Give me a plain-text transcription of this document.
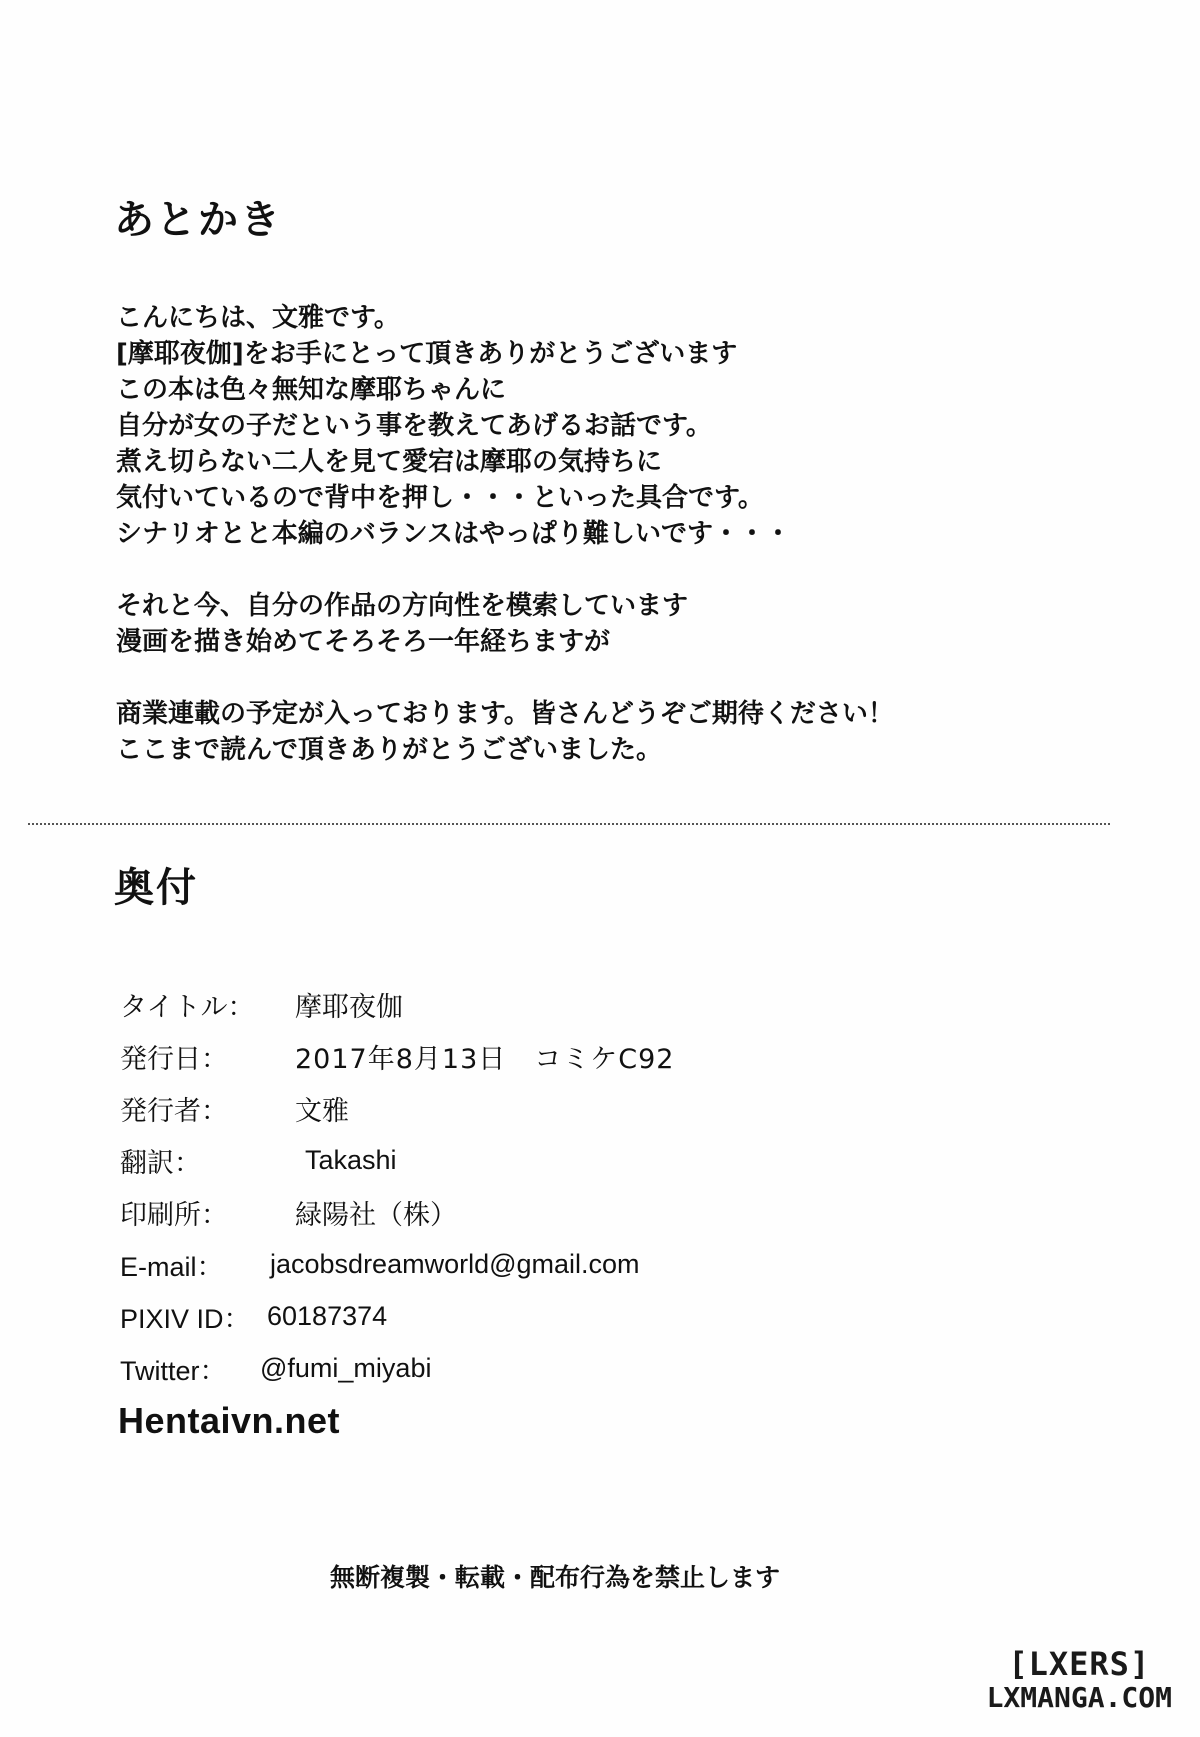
あとかき
こんにちは、文雅です。
[摩耶夜伽]をお手にとって頂きありがとうございます
この本は色々無知な摩耶ちゃんに
自分が女の子だという事を教えてあげるお話です。
煮え切らない二人を見て愛宕は摩耶の気持ちに
気付いているので背中を押し・・・といった具合です。
シナリオとと本編のバランスはやっぱり難しいです・・・
それと今、自分の作品の方向性を模索しています
漫画を描き始めてそろそろ一年経ちますが
商業連載の予定が入っております。皆さんどうぞご期待ください！
ここまで読んで頂きありがとうございました。
奥付
タイトル：	摩耶夜伽
発行日：	2017年8月13日　コミケC92
発行者：	文雅
翻訳：	Takashi
印刷所：	緑陽社（株）
E-mail：	jacobsdreamworld@gmail.com
PIXIV ID： 60187374
Twitter：	@fumi_miyabi
Hentaivn.net
無断複製・転載・配布行為を禁止します
[LXERS]
LXMANGA.COM
